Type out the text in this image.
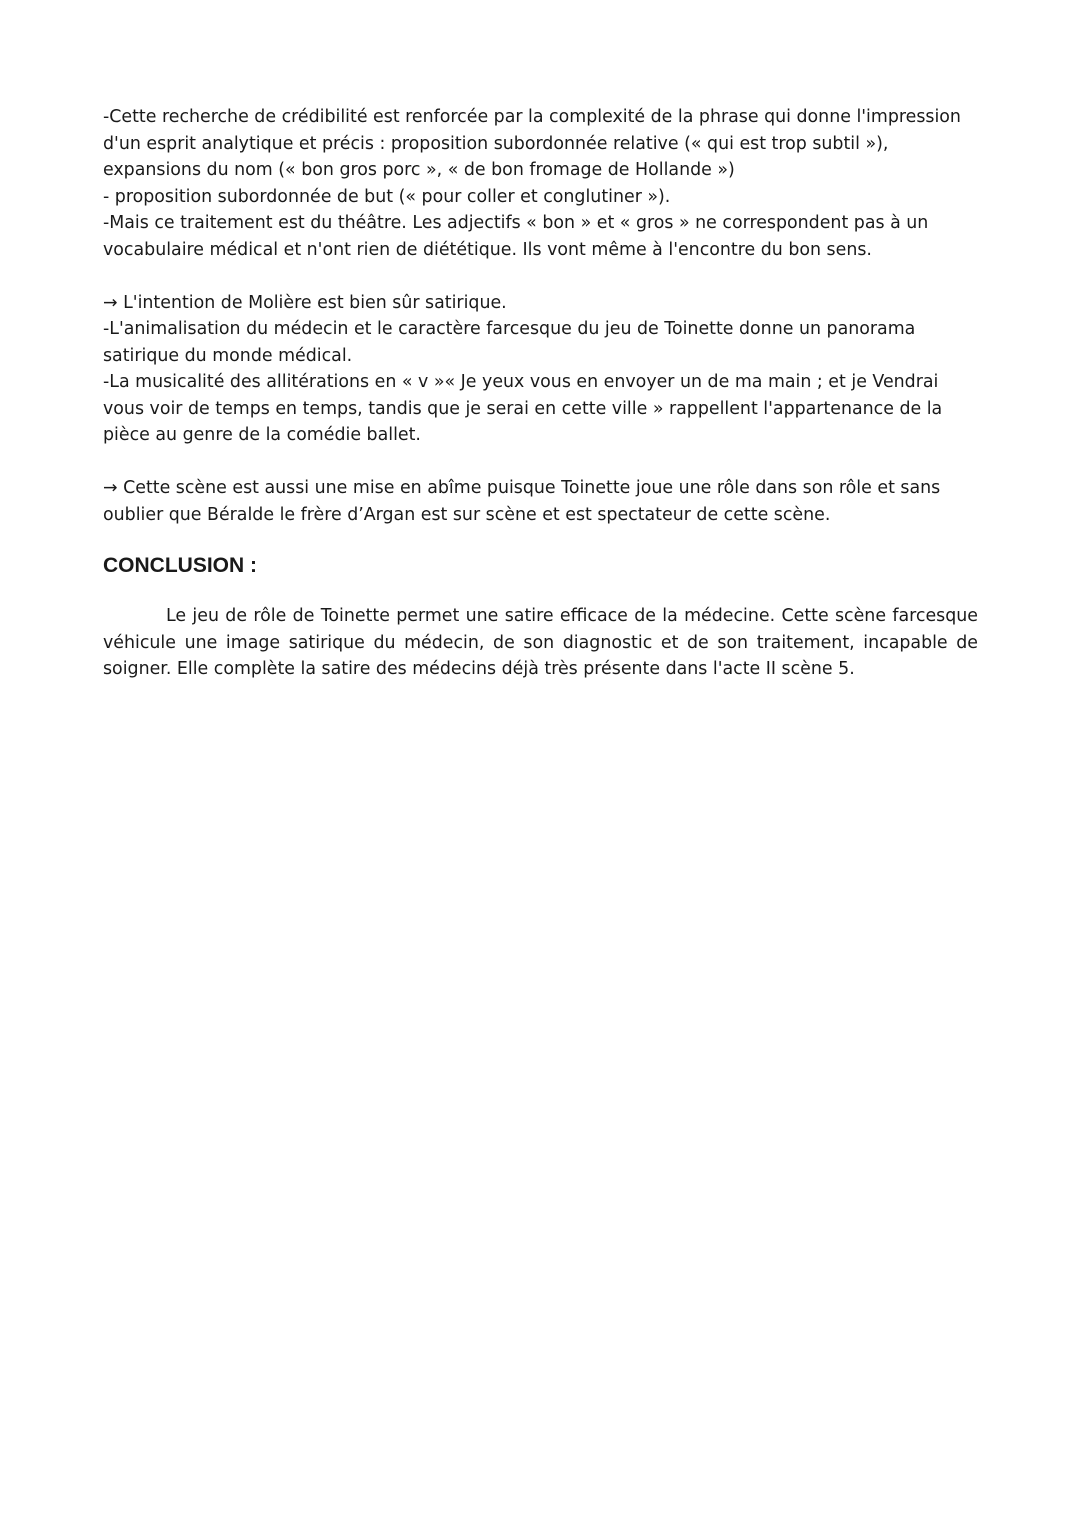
-Cette recherche de crédibilité est renforcée par la complexité de la phrase qui donne l'impression
d'un esprit analytique et précis : proposition subordonnée relative (« qui est trop subtil »),
expansions du nom (« bon gros porc », « de bon fromage de Hollande »)
- proposition subordonnée de but (« pour coller et conglutiner »).
-Mais ce traitement est du théâtre. Les adjectifs « bon » et « gros » ne correspondent pas à un
vocabulaire médical et n'ont rien de diététique. Ils vont même à l'encontre du bon sens.
→ L'intention de Molière est bien sûr satirique.
-L'animalisation du médecin et le caractère farcesque du jeu de Toinette donne un panorama
satirique du monde médical.
-La musicalité des allitérations en « v »« Je yeux vous en envoyer un de ma main ; et je Vendrai
vous voir de temps en temps, tandis que je serai en cette ville » rappellent l'appartenance de la
pièce au genre de la comédie ballet.
→ Cette scène est aussi une mise en abîme puisque Toinette joue une rôle dans son rôle et sans
oublier que Béralde le frère d’Argan est sur scène et est spectateur de cette scène.
CONCLUSION :

Le jeu de rôle de Toinette permet une satire efficace de la médecine. Cette scène farcesque véhicule une image satirique du médecin, de son diagnostic et de son traitement, incapable de soigner. Elle complète la satire des médecins déjà très présente dans l'acte II scène 5.
